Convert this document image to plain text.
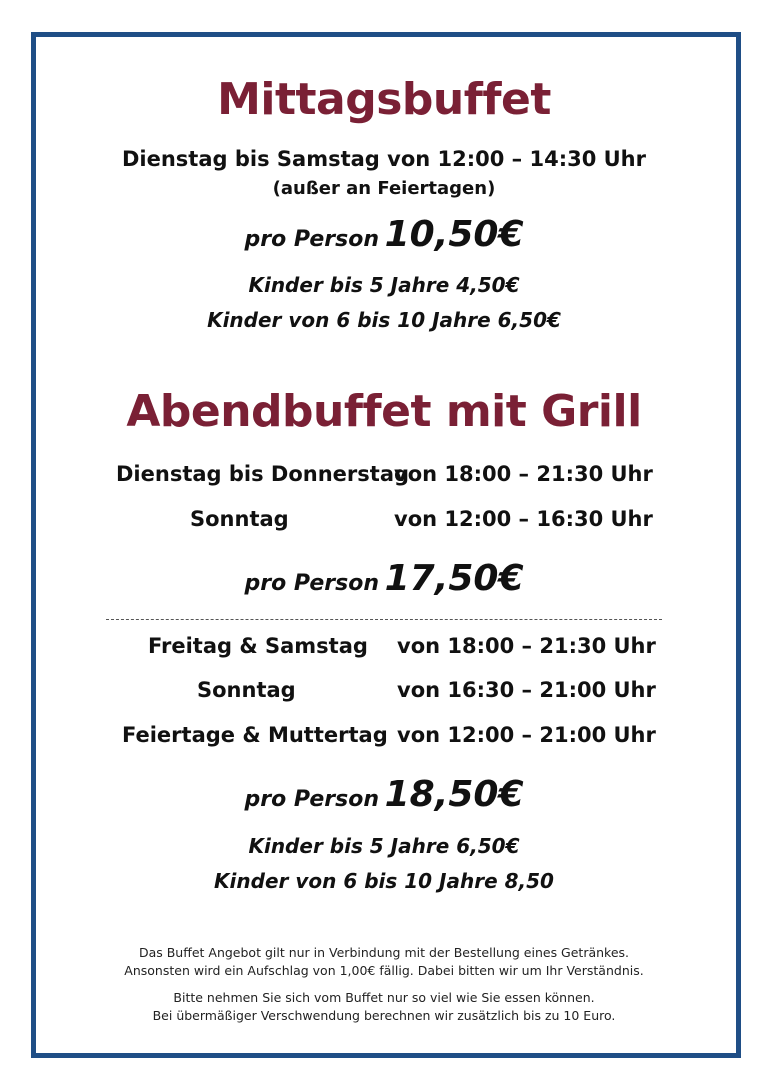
Mittagsbuffet
Dienstag bis Samstag von 12:00 – 14:30 Uhr
(außer an Feiertagen)
pro Person 10,50€
Kinder bis 5 Jahre 4,50€
Kinder von 6 bis 10 Jahre 6,50€
Abendbuffet mit Grill
Dienstag bis Donnerstag
von 18:00 – 21:30 Uhr
Sonntag	von 12:00 – 16:30 Uhr
pro Person 17,50€
Freitag & Samstag von 18:00 – 21:30 Uhr
Sonntag	von 16:30 – 21:00 Uhr
Feiertage & Muttertag von 12:00 – 21:00 Uhr
pro Person 18,50€
Kinder bis 5 Jahre 6,50€
Kinder von 6 bis 10 Jahre 8,50
Das Buffet Angebot gilt nur in Verbindung mit der Bestellung eines Getränkes.
Ansonsten wird ein Aufschlag von 1,00€ fällig. Dabei bitten wir um Ihr Verständnis.
Bitte nehmen Sie sich vom Buffet nur so viel wie Sie essen können.
Bei übermäßiger Verschwendung berechnen wir zusätzlich bis zu 10 Euro.
